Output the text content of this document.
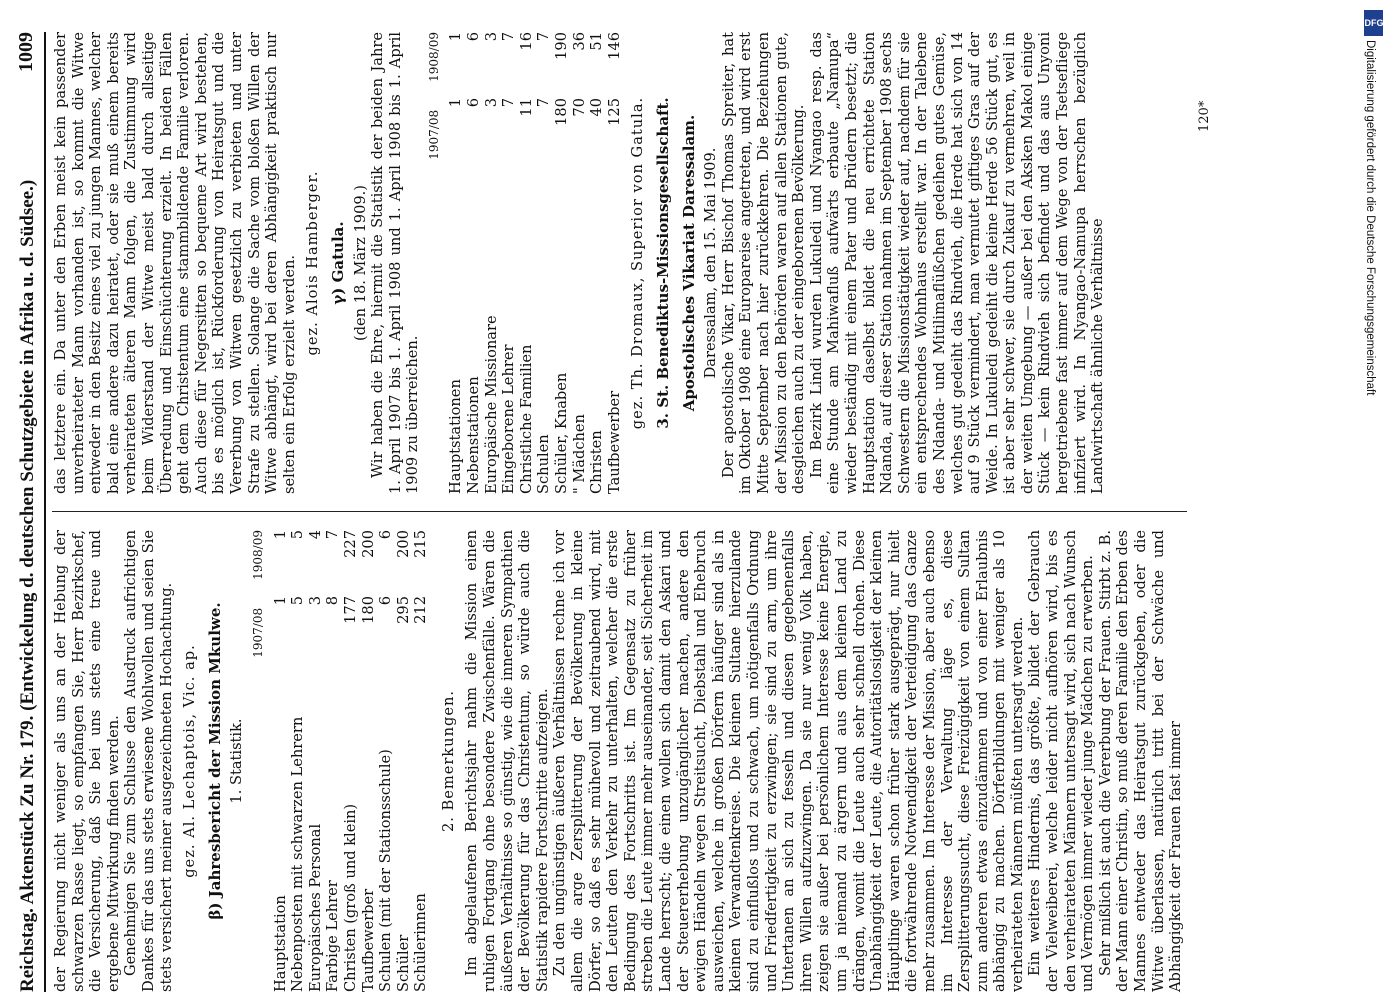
Reichstag. Aktenstück Zu Nr. 179. (Entwickelung d. deutschen Schutzgebiete in Afrika u. d. Südsee.)
1009

der Regierung nicht weniger als uns an der Hebung der schwarzen Rasse liegt, so empfangen Sie, Herr Bezirkschef, die Versicherung, daß Sie bei uns stets eine treue und ergebene Mitwirkung finden werden. Genehmigen Sie zum Schlusse den Ausdruck aufrichtigen Dankes für das uns stets erwiesene Wohlwollen und seien Sie stets versichert meiner ausgezeichneten Hochachtung. gez. Al. Lechaptois, Vic. ap. β) Jahresbericht der Mission Mkulwe. 1. Statistik.
1907/08
1908/09
Hauptstation	1	1
Nebenposten mit schwarzen Lehrern	5	5
Europäisches Personal	3	4
Farbige Lehrer	8	7
Christen (groß und klein)	177	227
Taufbewerber	180	200
Schulen (mit der Stationsschule)	6	6
Schüler	295	200
Schülerinnen	212	215
2. Bemerkungen. Im abgelaufenen Berichtsjahr nahm die Mission einen ruhigen Fortgang ohne besondere Zwischenfälle. Wären die äußeren Verhältnisse so günstig, wie die inneren Sympathien der Bevölkerung für das Christentum, so würde auch die Statistik rapidere Fortschritte aufzeigen. Zu den ungünstigen äußeren Verhältnissen rechne ich vor allem die arge Zersplitterung der Bevölkerung in kleine Dörfer, so daß es sehr mühevoll und zeitraubend wird, mit den Leuten den Verkehr zu unterhalten, welcher die erste Bedingung des Fortschritts ist. Im Gegensatz zu früher streben die Leute immer mehr auseinander, seit Sicherheit im Lande herrscht; die einen wollen sich damit den Askari und der Steuererhebung unzugänglicher machen, andere den ewigen Händeln wegen Streitsucht, Diebstahl und Ehebruch ausweichen, welche in großen Dörfern häufiger sind als in kleinen Verwandtenkreise. Die kleinen Sultane hierzulande sind zu einflußlos und zu schwach, um nötigenfalls Ordnung und Friedfertigkeit zu erzwingen; sie sind zu arm, um ihre Untertanen an sich zu fesseln und diesen gegebenenfalls ihren Willen aufzuzwingen. Da sie nur wenig Volk haben, zeigen sie außer bei persönlichem Interesse keine Energie, um ja niemand zu ärgern und aus dem kleinen Land zu drängen, womit die Leute auch sehr schnell drohen. Diese Unabhängigkeit der Leute, die Autoritätslosigkeit der kleinen Häuptlinge waren schon früher stark ausgeprägt, nur hielt die fortwährende Notwendigkeit der Verteidigung das Ganze mehr zusammen. Im Interesse der Mission, aber auch ebenso im Interesse der Verwaltung läge es, diese Zersplitterungssucht, diese Freizügigkeit von einem Sultan zum anderen etwas einzudämmen und von einer Erlaubnis abhängig zu machen. Dörferbildungen mit weniger als 10 verheirateten Männern müßten untersagt werden. Ein weiteres Hindernis, das größte, bildet der Gebrauch der Vielweiberei, welche leider nicht aufhören wird, bis es den verheirateten Männern untersagt wird, sich nach Wunsch und Vermögen immer wieder junge Mädchen zu erwerben. Sehr mißlich ist auch die Vererbung der Frauen. Stirbt z. B. der Mann einer Christin, so muß deren Familie den Erben des Mannes entweder das Heiratsgut zurückgeben, oder die Witwe überlassen, natürlich tritt bei der Schwäche und Abhängigkeit der Frauen fast immer

das letztere ein. Da unter den Erben meist kein passender unverheirateter Mann vorhanden ist, so kommt die Witwe entweder in den Besitz eines viel zu jungen Mannes, welcher bald eine andere dazu heiratet, oder sie muß einem bereits verheirateten älteren Mann folgen, die Zustimmung wird beim Widerstand der Witwe meist bald durch allseitige Überredung und Einschüchterung erzielt. In beiden Fällen geht dem Christentum eine stammbildende Familie verloren. Auch diese für Negersitten so bequeme Art wird bestehen, bis es möglich ist, Rückforderung von Heiratsgut und die Vererbung von Witwen gesetzlich zu verbieten und unter Strafe zu stellen. Solange die Sache vom bloßen Willen der Witwe abhängt, wird bei deren Abhängigkeit praktisch nur selten ein Erfolg erzielt werden. gez. Alois Hamberger. γ) Gatula. (den 18. März 1909.) Wir haben die Ehre, hiermit die Statistik der beiden Jahre 1. April 1907 bis 1. April 1908 und 1. April 1908 bis 1. April 1909 zu überreichen.

1907/08
1908/09
Hauptstationen	1	1
Nebenstationen	6	6
Europäische Missionare	3	3
Eingeborene Lehrer	7	7
Christliche Familien	11	16
Schulen	7	7
Schüler, Knaben	180	190
" Mädchen	70	36
Christen	40	51
Taufbewerber	125	146
gez. Th. Dromaux, Superior von Gatula. 3. St. Benediktus-Missionsgesellschaft. Apostolisches Vikariat Daressalam. Daressalam, den 15. Mai 1909. Der apostolische Vikar, Herr Bischof Thomas Spreiter, hat im Oktober 1908 eine Europareise angetreten, und wird erst Mitte September nach hier zurückkehren. Die Beziehungen der Mission zu den Behörden waren auf allen Stationen gute, desgleichen auch zu der eingeborenen Bevölkerung. Im Bezirk Lindi wurden Lukuledi und Nyangao resp. das eine Stunde am Mahiwafluß aufwärts erbaute „Namupa“ wieder beständig mit einem Pater und Brüdern besetzt; die Hauptstation daselbst bildet die neu errichtete Station Ndanda, auf dieser Station nahmen im September 1908 sechs Schwestern die Missionstätigkeit wieder auf, nachdem für sie ein entsprechendes Wohnhaus erstellt war. In der Talebene des Ndanda- und Mitilimaflüßchen gedeihen gutes Gemüse, welches gut gedeiht das Rindvieh, die Herde hat sich von 14 auf 9 Stück vermindert, man vermutet giftiges Gras auf der Weide. In Lukuledi gedeiht die kleine Herde 56 Stück gut, es ist aber sehr schwer, sie durch Zukauf zu vermehren, weil in der weiten Umgebung — außer bei den Aksken Makol einige Stück — kein Rindvieh sich befindet und das aus Unyoni hergetriebene fast immer auf dem Wege von der Tsetsefliege infiziert wird. In Nyangao-Namupa herrschen bezüglich Landwirtschaft ähnliche Verhältnisse

120*
DFG
Digitalisierung gefördert durch die Deutsche Forschungsgemeinschaft
